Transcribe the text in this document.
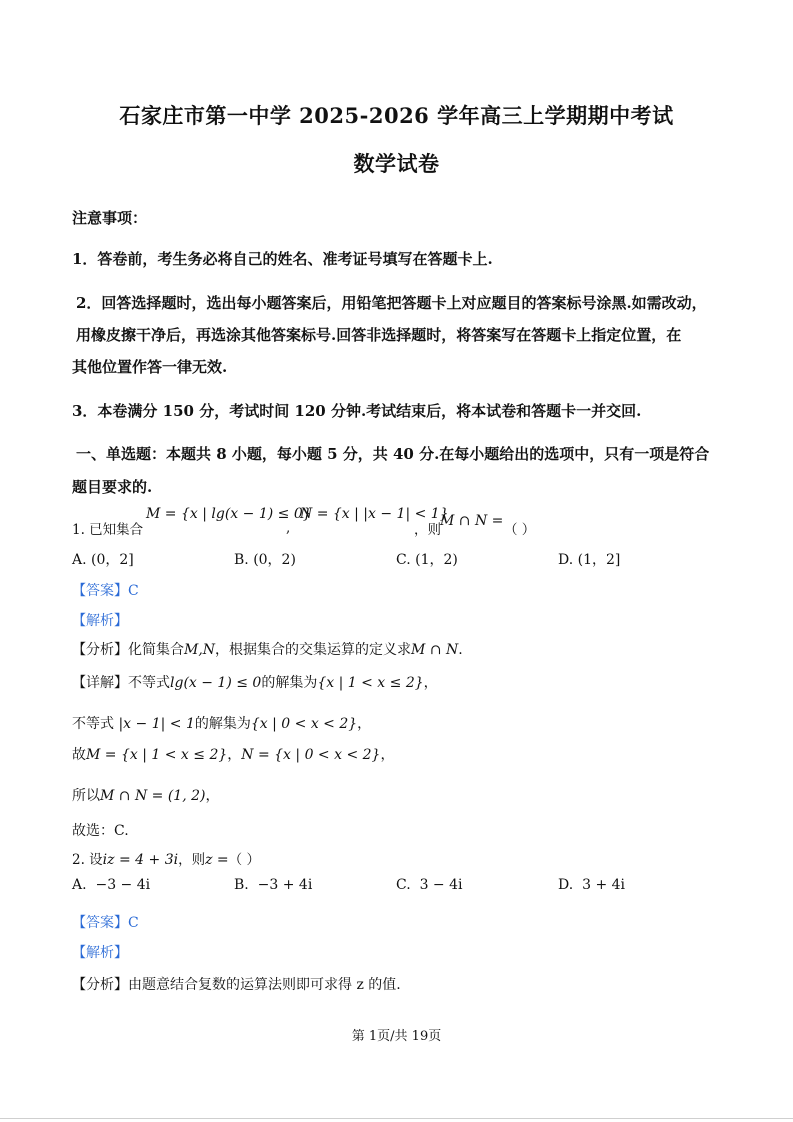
石家庄市第一中学 2025-2026 学年高三上学期期中考试
数学试卷
注意事项：
1．答卷前，考生务必将自己的姓名、准考证号填写在答题卡上.
2．回答选择题时，选出每小题答案后，用铅笔把答题卡上对应题目的答案标号涂黑.如需改动，
用橡皮擦干净后，再选涂其他答案标号.回答非选择题时，将答案写在答题卡上指定位置，在
其他位置作答一律无效.
3．本卷满分 150 分，考试时间 120 分钟.考试结束后，将本试卷和答题卡一并交回.
一、单选题：本题共 8 小题，每小题 5 分，共 40 分.在每小题给出的选项中，只有一项是符合
题目要求的.
1. 已知集合
M = {x | lg(x − 1) ≤ 0}
,
N = {x | |x − 1| < 1}
，则
M ∩ N =
（ ）
A. (0，2]	B. (0，2)	C. (1，2)	D. (1，2]
【答案】C
【解析】
【分析】化简集合M,N，根据集合的交集运算的定义求M ∩ N.
【详解】不等式lg(x − 1) ≤ 0的解集为{x | 1 < x ≤ 2}，
不等式 |x − 1| < 1的解集为{x | 0 < x < 2}，
故M = {x | 1 < x ≤ 2}，N = {x | 0 < x < 2}，
所以M ∩ N = (1, 2)，
故选：C.
2. 设iz = 4 + 3i，则z =（ ）
A. −3 − 4i	B. −3 + 4i	C. 3 − 4i	D. 3 + 4i
【答案】C
【解析】
【分析】由题意结合复数的运算法则即可求得 z 的值.
第 1页/共 19页
